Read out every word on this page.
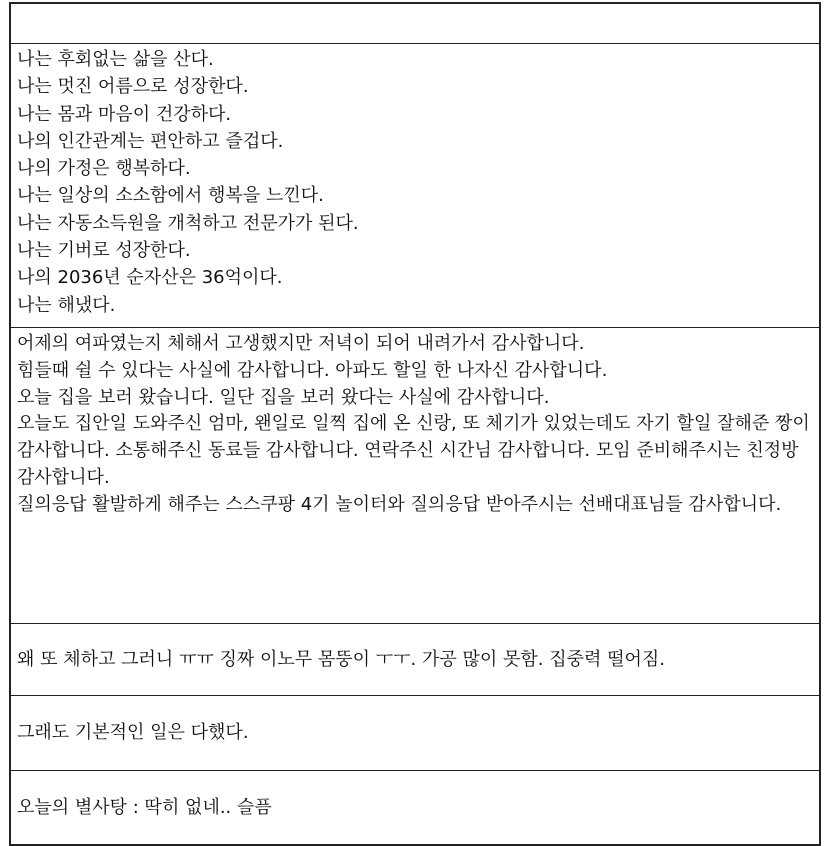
나는 후회없는 삶을 산다.
나는 멋진 어름으로 성장한다.
나는 몸과 마음이 건강하다.
나의 인간관계는 편안하고 즐겁다.
나의 가정은 행복하다.
나는 일상의 소소함에서 행복을 느낀다.
나는 자동소득원을 개척하고 전문가가 된다.
나는 기버로 성장한다.
나의 2036년 순자산은 36억이다.
나는 해냈다.
어제의 여파였는지 체해서 고생했지만 저녁이 되어 내려가서 감사합니다.
힘들때 쉴 수 있다는 사실에 감사합니다. 아파도 할일 한 나자신 감사합니다.
오늘 집을 보러 왔습니다. 일단 집을 보러 왔다는 사실에 감사합니다.
오늘도 집안일 도와주신 엄마, 왠일로 일찍 집에 온 신랑, 또 체기가 있었는데도 자기 할일 잘해준 짱이 감사합니다. 소통해주신 동료들 감사합니다. 연락주신 시간님 감사합니다. 모임 준비해주시는 친정방 감사합니다.
질의응답 활발하게 해주는 스스쿠팡 4기 놀이터와 질의응답 받아주시는 선배대표님들 감사합니다.
왜 또 체하고 그러니 ㅠㅠ 징짜 이노무 몸뚱이 ㅜㅜ. 가공 많이 못함. 집중력 떨어짐.
그래도 기본적인 일은 다했다.
오늘의 별사탕 : 딱히 없네.. 슬픔
